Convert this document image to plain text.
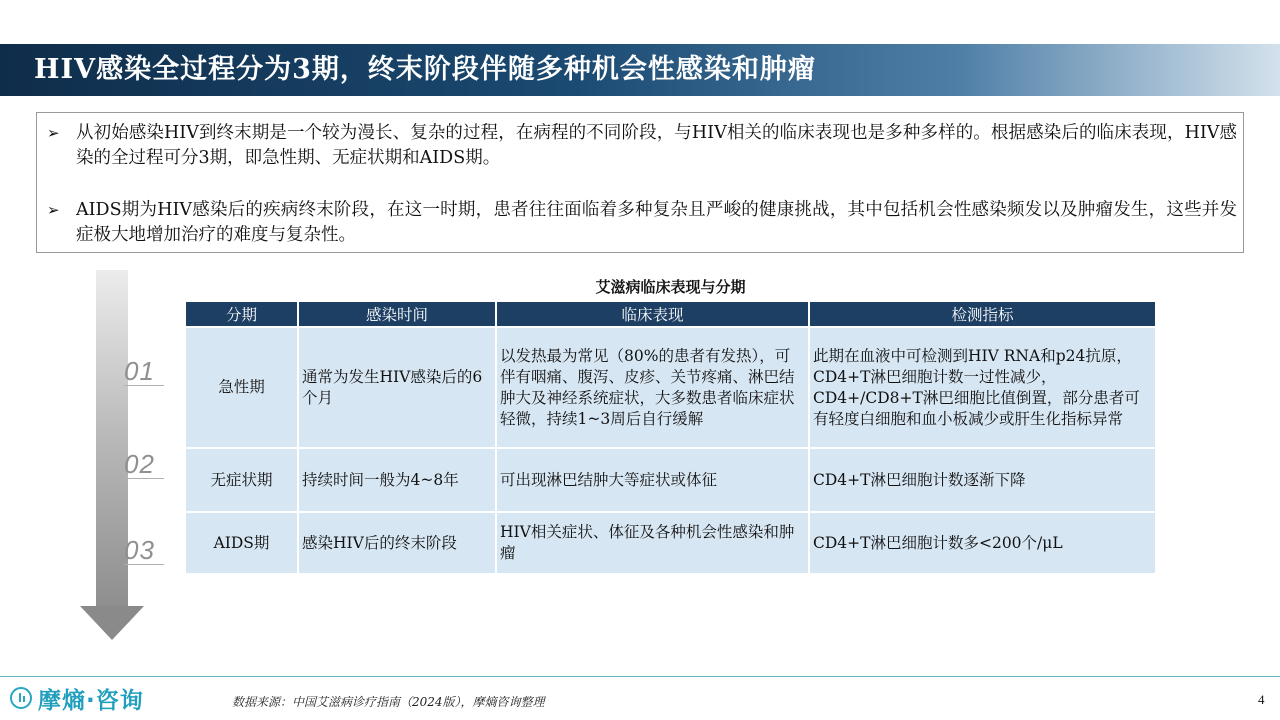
HIV感染全过程分为3期，终末阶段伴随多种机会性感染和肿瘤
➢ 从初始感染HIV到终末期是一个较为漫长、复杂的过程，在病程的不同阶段，与HIV相关的临床表现也是多种多样的。根据感染后的临床表现，HIV感染的全过程可分3期，即急性期、无症状期和AIDS期。
➢ AIDS期为HIV感染后的疾病终末阶段，在这一时期，患者往往面临着多种复杂且严峻的健康挑战，其中包括机会性感染频发以及肿瘤发生，这些并发症极大地增加治疗的难度与复杂性。
01
02
03
艾滋病临床表现与分期
分期	感染时间	临床表现	检测指标
急性期	通常为发生HIV感染后的6个月	以发热最为常见（80%的患者有发热），可伴有咽痛、腹泻、皮疹、关节疼痛、淋巴结肿大及神经系统症状，大多数患者临床症状轻微，持续1~3周后自行缓解	此期在血液中可检测到HIV RNA和p24抗原，CD4+T淋巴细胞计数一过性减少，CD4+/CD8+T淋巴细胞比值倒置，部分患者可有轻度白细胞和血小板减少或肝生化指标异常
无症状期	持续时间一般为4~8年	可出现淋巴结肿大等症状或体征	CD4+T淋巴细胞计数逐渐下降
AIDS期	感染HIV后的终末阶段	HIV相关症状、体征及各种机会性感染和肿瘤	CD4+T淋巴细胞计数多<200个/μL
摩熵·咨询	数据来源：中国艾滋病诊疗指南（2024版），摩熵咨询整理	4
